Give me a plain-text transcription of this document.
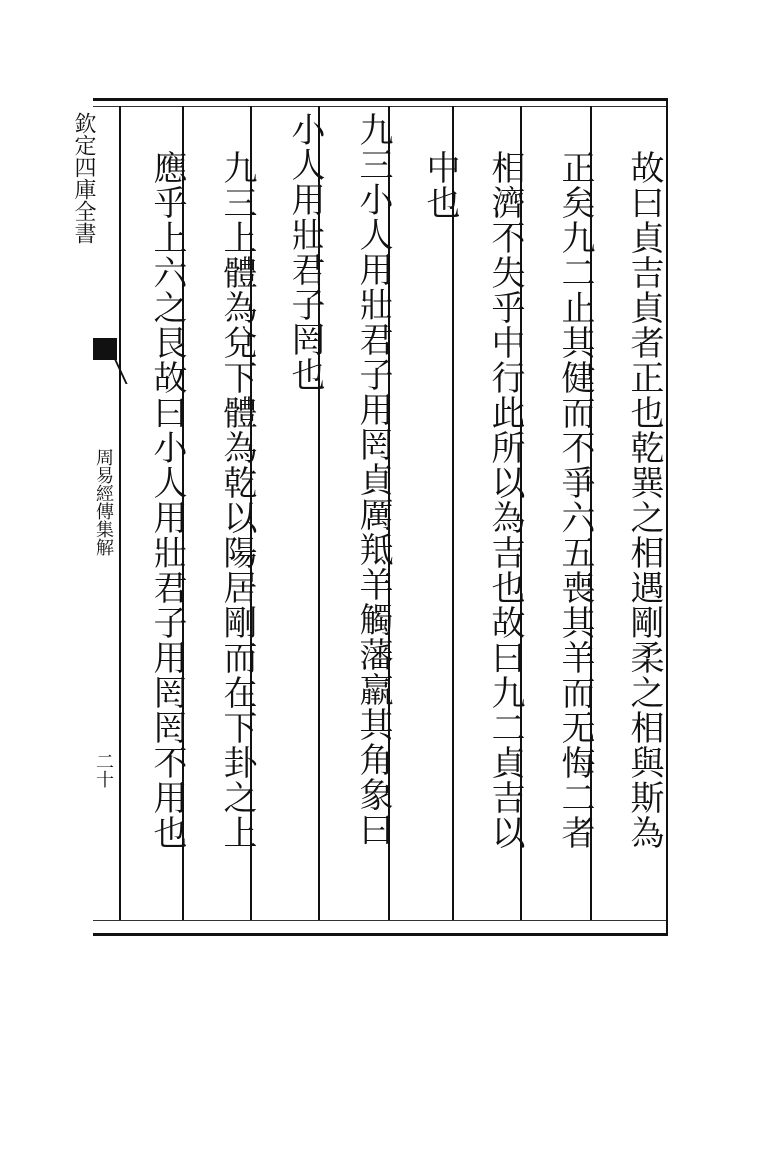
故曰貞吉貞者正也乾巽之相遇剛柔之相與斯為
正矣九二止其健而不爭六五喪其羊而无悔二者
相濟不失乎中行此所以為吉也故曰九二貞吉以
中也
九三小人用壯君子用罔貞厲羝羊觸藩羸其角象曰
小人用壯君子罔也
九三上體為兌下體為乾以陽居剛而在下卦之上
應乎上六之艮故曰小人用壯君子用罔罔不用也
欽定四庫全書
周易經傳集解
二十
